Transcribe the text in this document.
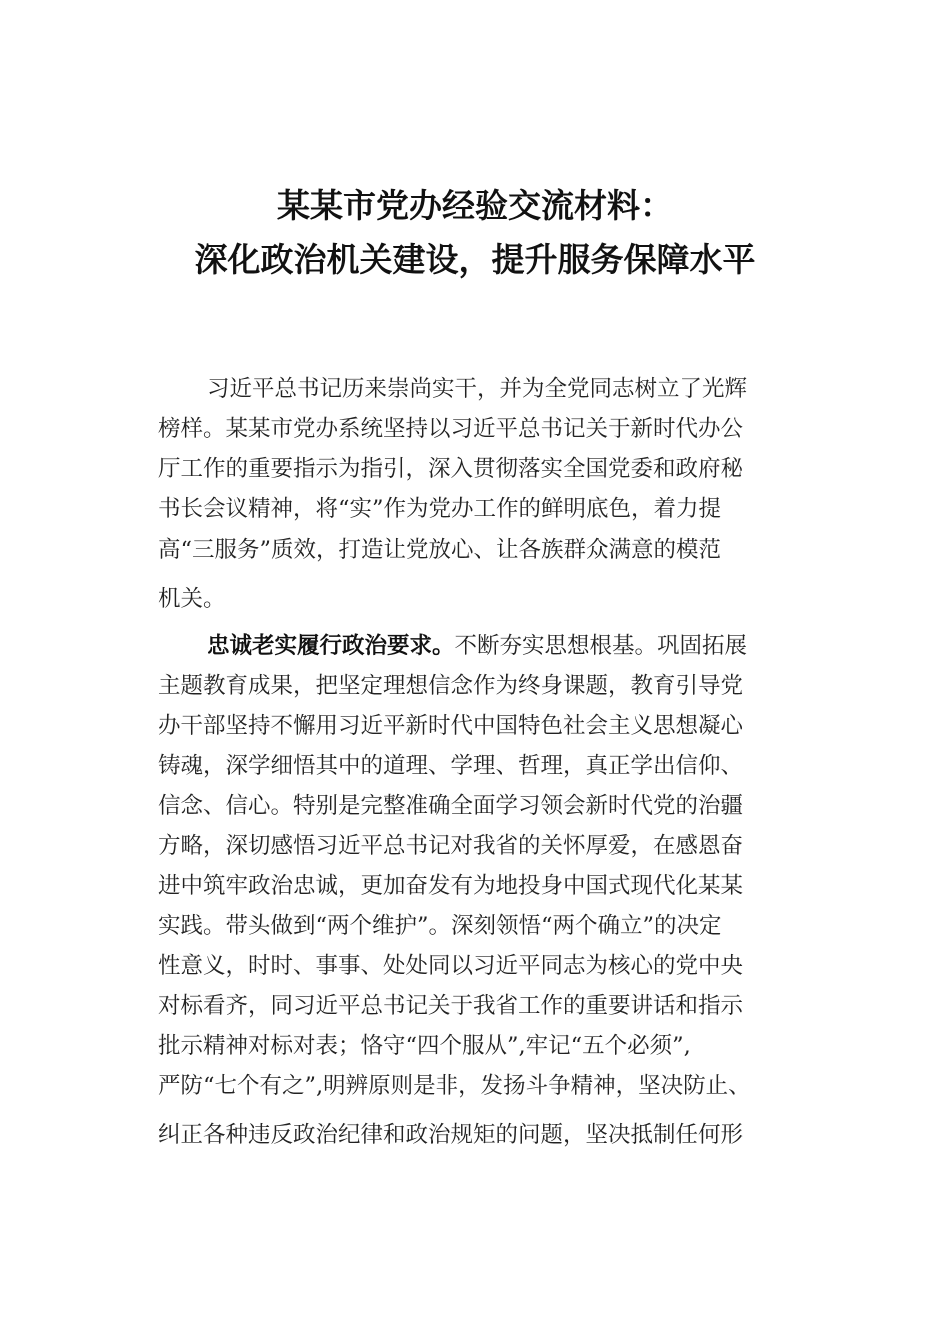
某某市党办经验交流材料：
深化政治机关建设，提升服务保障水平
习近平总书记历来崇尚实干，并为全党同志树立了光辉
榜样。某某市党办系统坚持以习近平总书记关于新时代办公
厅工作的重要指示为指引，深入贯彻落实全国党委和政府秘
书长会议精神，将“实”作为党办工作的鲜明底色，着力提
高“三服务”质效，打造让党放心、让各族群众满意的模范
机关。
忠诚老实履行政治要求。不断夯实思想根基。巩固拓展
主题教育成果，把坚定理想信念作为终身课题，教育引导党
办干部坚持不懈用习近平新时代中国特色社会主义思想凝心
铸魂，深学细悟其中的道理、学理、哲理，真正学出信仰、
信念、信心。特别是完整准确全面学习领会新时代党的治疆
方略，深切感悟习近平总书记对我省的关怀厚爱，在感恩奋
进中筑牢政治忠诚，更加奋发有为地投身中国式现代化某某
实践。带头做到“两个维护”。深刻领悟“两个确立”的决定
性意义，时时、事事、处处同以习近平同志为核心的党中央
对标看齐，同习近平总书记关于我省工作的重要讲话和指示
批示精神对标对表；恪守“四个服从”,牢记“五个必须”,
严防“七个有之”,明辨原则是非，发扬斗争精神，坚决防止、
纠正各种违反政治纪律和政治规矩的问题，坚决抵制任何形
